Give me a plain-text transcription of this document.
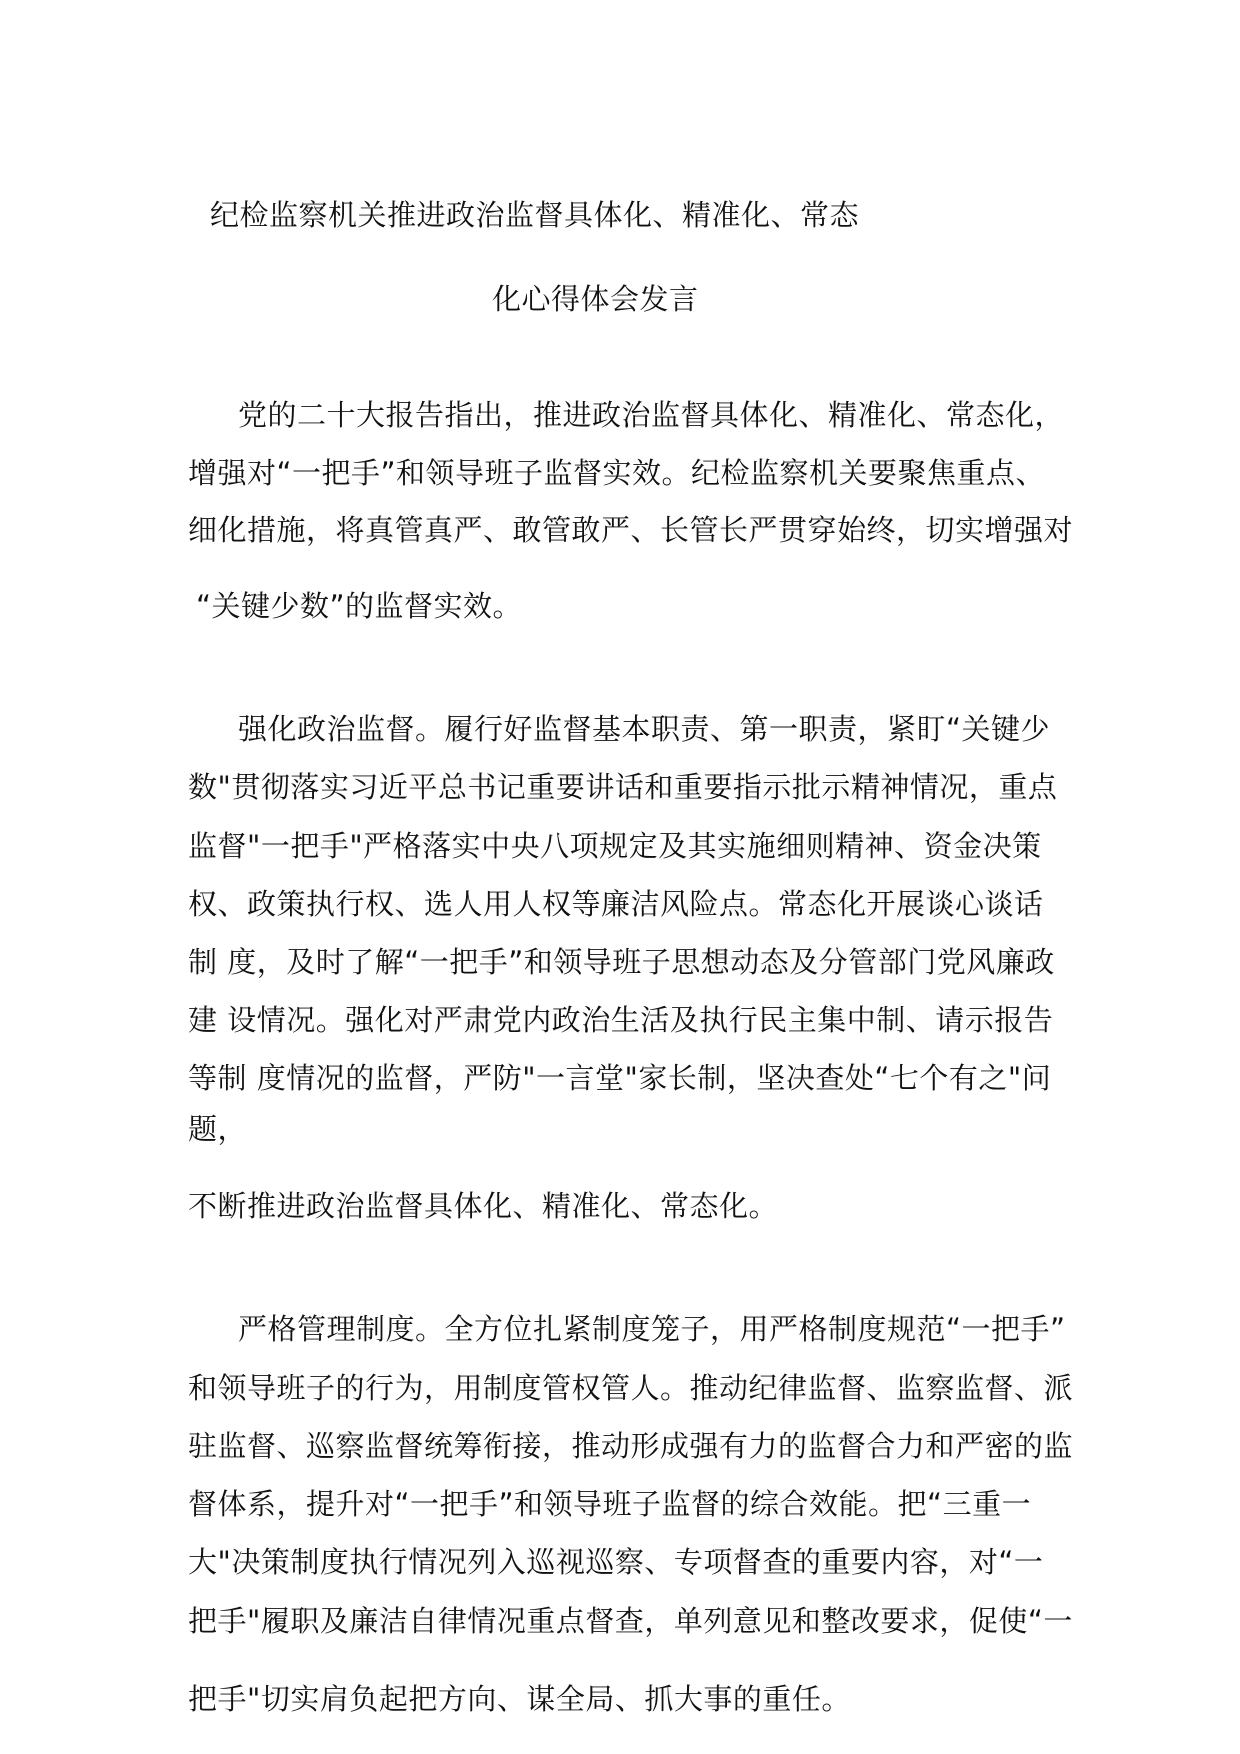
纪检监察机关推进政治监督具体化、精准化、常态
化心得体会发言
党的二十大报告指出，推进政治监督具体化、精准化、常态化，
增强对“一把手”和领导班子监督实效。纪检监察机关要聚焦重点、
细化措施，将真管真严、敢管敢严、长管长严贯穿始终，切实增强对
“关键少数”的监督实效。
强化政治监督。履行好监督基本职责、第一职责，紧盯“关键少
数"贯彻落实习近平总书记重要讲话和重要指示批示精神情况，重点
监督"一把手"严格落实中央八项规定及其实施细则精神、资金决策
权、政策执行权、选人用人权等廉洁风险点。常态化开展谈心谈话
制 度，及时了解“一把手”和领导班子思想动态及分管部门党风廉政
建 设情况。强化对严肃党内政治生活及执行民主集中制、请示报告
等制 度情况的监督，严防"一言堂"家长制，坚决查处“七个有之"问
题，
不断推进政治监督具体化、精准化、常态化。
严格管理制度。全方位扎紧制度笼子，用严格制度规范“一把手”
和领导班子的行为，用制度管权管人。推动纪律监督、监察监督、派
驻监督、巡察监督统筹衔接，推动形成强有力的监督合力和严密的监
督体系，提升对“一把手”和领导班子监督的综合效能。把“三重一
大"决策制度执行情况列入巡视巡察、专项督查的重要内容，对“一
把手"履职及廉洁自律情况重点督查，单列意见和整改要求，促使“一
把手"切实肩负起把方向、谋全局、抓大事的重任。
